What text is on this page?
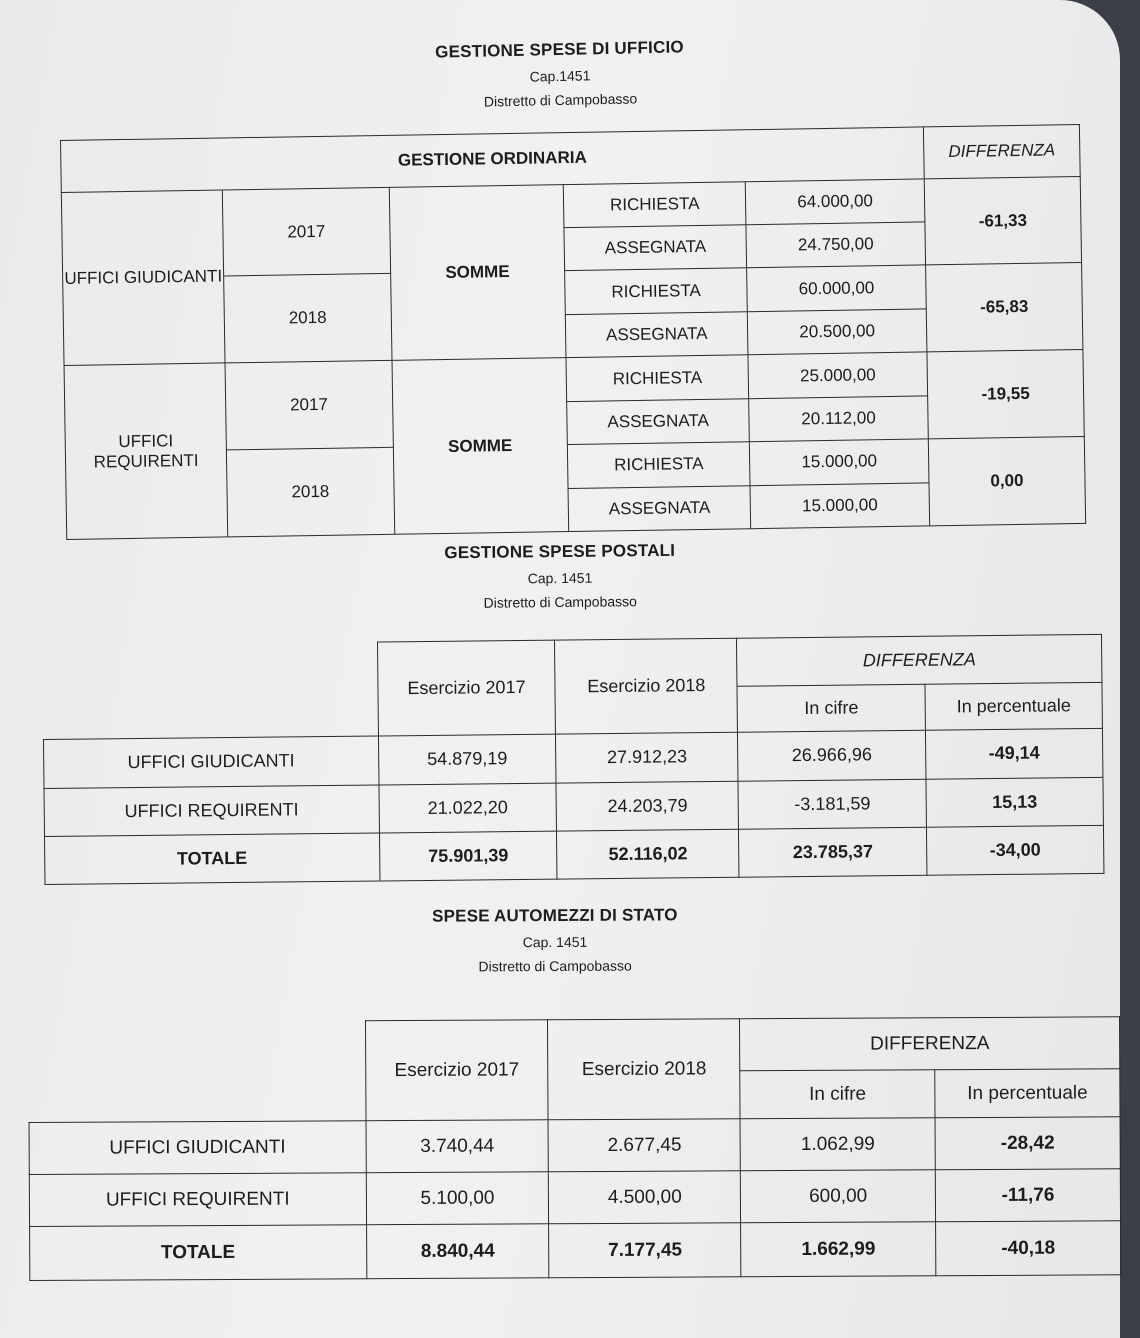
GESTIONE SPESE DI UFFICIO
Cap.1451
Distretto di Campobasso
GESTIONE ORDINARIA					DIFFERENZA
UFFICI GIUDICANTI	2017	SOMME	RICHIESTA	64.000,00	-61,33
			ASSEGNATA	24.750,00	
	2018		RICHIESTA	60.000,00	-65,83
			ASSEGNATA	20.500,00	
UFFICI REQUIRENTI	2017	SOMME	RICHIESTA	25.000,00	-19,55
			ASSEGNATA	20.112,00	
	2018		RICHIESTA	15.000,00	0,00
			ASSEGNATA	15.000,00	
GESTIONE SPESE POSTALI
Cap. 1451
Distretto di Campobasso
	Esercizio 2017	Esercizio 2018	DIFFERENZA	
			In cifre	In percentuale
UFFICI GIUDICANTI	54.879,19	27.912,23	26.966,96	-49,14
UFFICI REQUIRENTI	21.022,20	24.203,79	-3.181,59	15,13
TOTALE	75.901,39	52.116,02	23.785,37	-34,00
SPESE AUTOMEZZI DI STATO
Cap. 1451
Distretto di Campobasso
	Esercizio 2017	Esercizio 2018	DIFFERENZA	
			In cifre	In percentuale
UFFICI GIUDICANTI	3.740,44	2.677,45	1.062,99	-28,42
UFFICI REQUIRENTI	5.100,00	4.500,00	600,00	-11,76
TOTALE	8.840,44	7.177,45	1.662,99	-40,18
